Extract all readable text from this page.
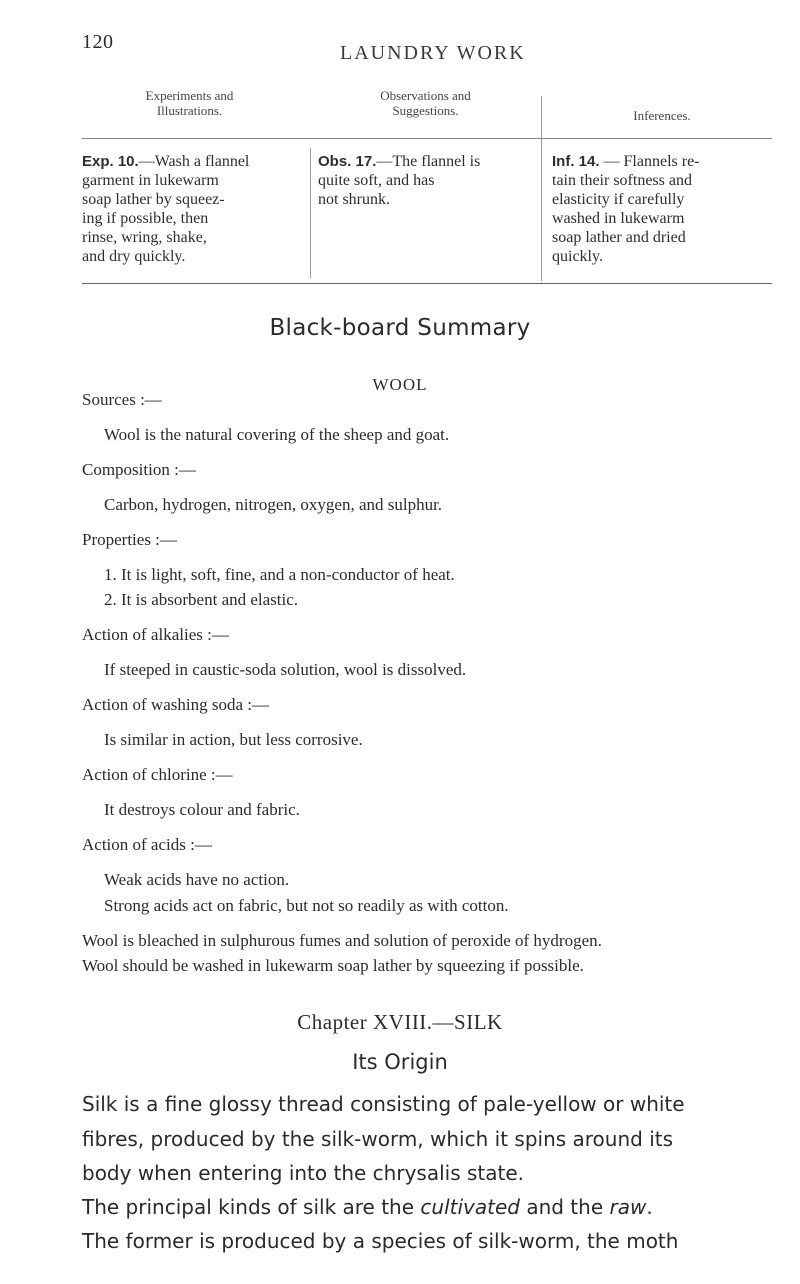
120	LAUNDRY WORK
Experiments and
Illustrations.
Observations and
Suggestions.	Inferences.
Exp. 10.—Wash a flannel
garment in lukewarm
soap lather by squeez-
ing if possible, then
rinse, wring, shake,
and dry quickly.
Obs. 17.—The flannel is
quite soft, and has
not shrunk.
Inf. 14. — Flannels re-
tain their softness and
elasticity if carefully
washed in lukewarm
soap lather and dried
quickly.
Black-board Summary
WOOL
Sources :—
Wool is the natural covering of the sheep and goat.
Composition :—
Carbon, hydrogen, nitrogen, oxygen, and sulphur.
Properties :—
1. It is light, soft, fine, and a non-conductor of heat.
2. It is absorbent and elastic.
Action of alkalies :—
If steeped in caustic-soda solution, wool is dissolved.
Action of washing soda :—
Is similar in action, but less corrosive.
Action of chlorine :—
It destroys colour and fabric.
Action of acids :—
Weak acids have no action.
Strong acids act on fabric, but not so readily as with cotton.
Wool is bleached in sulphurous fumes and solution of peroxide of hydrogen.
Wool should be washed in lukewarm soap lather by squeezing if possible.
Chapter XVIII.—SILK
Its Origin
Silk is a fine glossy thread consisting of pale-yellow or white
fibres, produced by the silk-worm, which it spins around its
body when entering into the chrysalis state.
The principal kinds of silk are the cultivated and the raw.
The former is produced by a species of silk-worm, the moth
